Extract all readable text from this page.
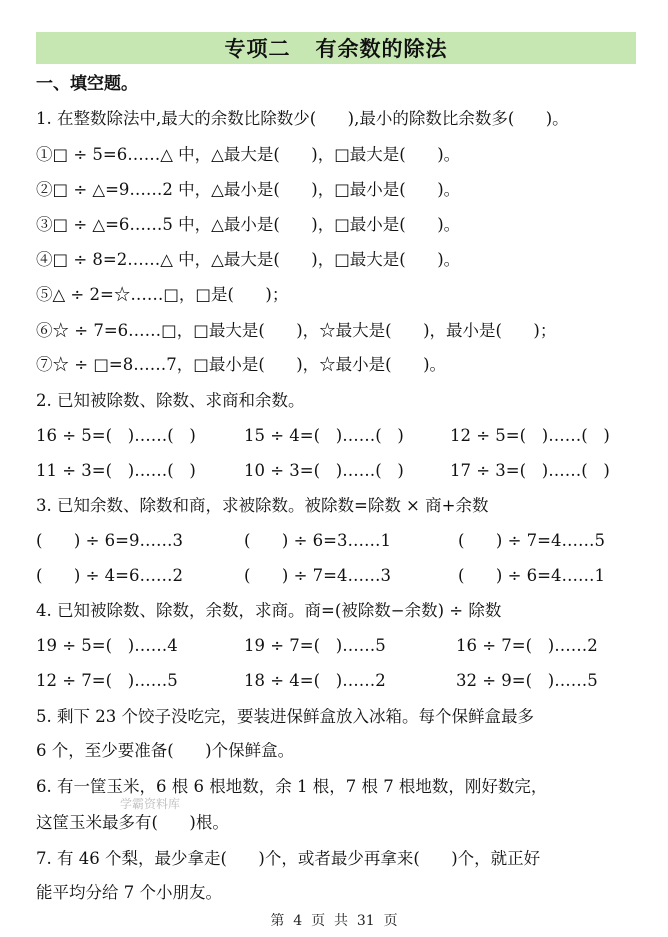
专项二   有余数的除法
一、填空题。
1. 在整数除法中,最大的余数比除数少(      ),最小的除数比余数多(      )。
①□ ÷ 5=6……△ 中，△最大是(      )，□最大是(      )。
②□ ÷ △=9……2 中，△最小是(      )，□最小是(      )。
③□ ÷ △=6……5 中，△最小是(      )，□最小是(      )。
④□ ÷ 8=2……△ 中，△最大是(      )，□最大是(      )。
⑤△ ÷ 2=☆……□，□是(      )；
⑥☆ ÷ 7=6……□，□最大是(      )，☆最大是(      )，最小是(      )；
⑦☆ ÷ □=8……7，□最小是(      )，☆最小是(      )。
2. 已知被除数、除数、求商和余数。
16 ÷ 5=(   )……(   )	15 ÷ 4=(   )……(   )	12 ÷ 5=(   )……(   )
11 ÷ 3=(   )……(   )	10 ÷ 3=(   )……(   )	17 ÷ 3=(   )……(   )
3. 已知余数、除数和商，求被除数。被除数=除数 × 商+余数
(      ) ÷ 6=9……3	(      ) ÷ 6=3……1	(      ) ÷ 7=4……5
(      ) ÷ 4=6……2	(      ) ÷ 7=4……3	(      ) ÷ 6=4……1
4. 已知被除数、除数，余数，求商。商=(被除数−余数) ÷ 除数
19 ÷ 5=(   )……4	19 ÷ 7=(   )……5	16 ÷ 7=(   )……2
12 ÷ 7=(   )……5	18 ÷ 4=(   )……2	32 ÷ 9=(   )……5
5. 剩下 23 个饺子没吃完，要装进保鲜盒放入冰箱。每个保鲜盒最多
6 个，至少要准备(      )个保鲜盒。
6. 有一筐玉米，6 根 6 根地数，余 1 根，7 根 7 根地数，刚好数完，
这筐玉米最多有(      )根。
7. 有 46 个梨，最少拿走(      )个，或者最少再拿来(      )个，就正好
能平均分给 7 个小朋友。
学霸资料库
第  4  页  共  31  页
